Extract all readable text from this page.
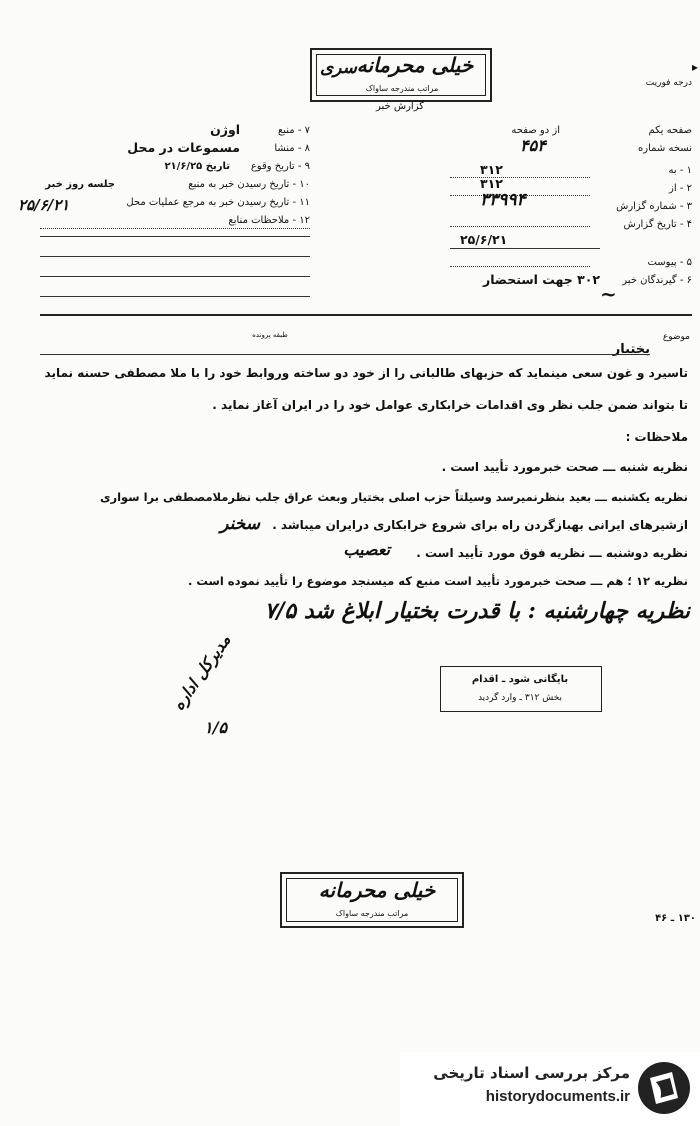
▸
درجه فوریت
خیلی محرمانه
سری
مراتب مندرجه ساواک
گزارش خبر
صفحه یکم
از دو صفحه
نسخه شماره
۴۵۴
۱ - به
۳۱۲
۲ - از
۳۱۲
۳ - شماره گزارش
۳۳۹۹۴
۴ - تاریخ گزارش
۲۵/۶/۲۱
۵ - پیوست
۶ - گیرندگان خبر
۳۰۲ جهت استحضار
~
۷ - منبع
اوژن
۸ - منشا
مسموعات در محل
۹ - تاریخ وقوع
تاریخ ۲۱/۶/۲۵
۱۰ - تاریخ رسیدن خبر به منبع
جلسه روز خبر
۱۱ - تاریخ رسیدن خبر به مرجع عملیات محل
۲۵/۶/۲۱
۱۲ - ملاحظات منابع
طبقه پرونده	موضوع
بختیار
تاسیرد و غون سعی مینماید که حزبهای طالبانی را از خود دو ساخته وروابط خود را با ملا مصطفی حسنه نماید
تا بتواند ضمن جلب نظر وی اقدامات خرابکاری عوامل خود را در ایران آغاز نماید .
ملاحظات :
نظریه شنبه ـــ صحت خبرمورد تأیید است .
نظریه یکشنبه ـــ بعید بنظرنمیرسد وسیلتاً حزب اصلی بختیار وبعث عراق جلب نظرملامصطفی برا سواری
ازشیرهای ایرانی بهبازگردن راه برای شروع خرابکاری درایران میباشد .
سخنر
نظریه دوشنبه ـــ نظریه فوق مورد تأیید است .
تعصیب
نظریه ۱۲ ؛ هم ـــ صحت خبرمورد تأیید است منبع که میسنجد موضوع را تأیید نموده است .
نظریه چهارشنبه : با قدرت بختیار ابلاغ شد ۷/۵
بایگانی شود ـ اقدام
بخش ۳۱۲ ـ وارد گردید
مدیرکل اداره
۱/۵
خیلی محرمانه
مراتب مندرجه ساواک	۱۳۰ ـ ۴۶
مرکز بررسی اسناد تاریخی
historydocuments.ir
